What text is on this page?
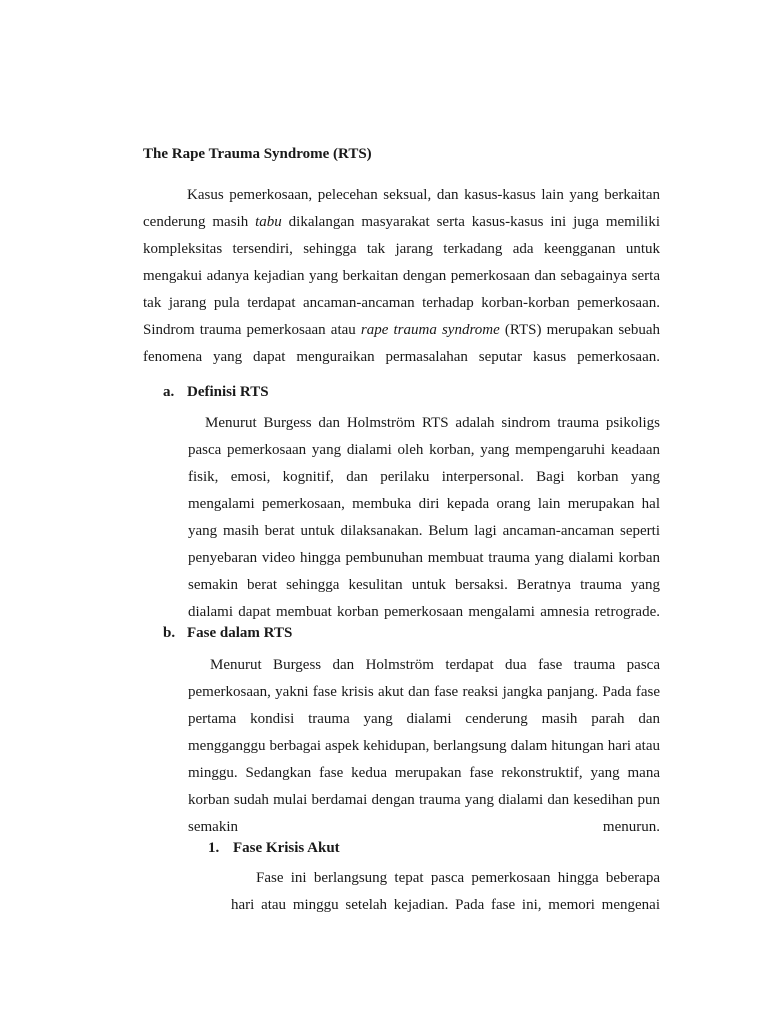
The Rape Trauma Syndrome (RTS)

Kasus pemerkosaan, pelecehan seksual, dan kasus-kasus lain yang berkaitan cenderung masih tabu dikalangan masyarakat serta kasus-kasus ini juga memiliki kompleksitas tersendiri, sehingga tak jarang terkadang ada keengganan untuk mengakui adanya kejadian yang berkaitan dengan pemerkosaan dan sebagainya serta tak jarang pula terdapat ancaman-ancaman terhadap korban-korban pemerkosaan. Sindrom trauma pemerkosaan atau rape trauma syndrome (RTS) merupakan sebuah fenomena yang dapat menguraikan permasalahan seputar kasus pemerkosaan.

a. Definisi RTS

Menurut Burgess dan Holmström RTS adalah sindrom trauma psikoligs pasca pemerkosaan yang dialami oleh korban, yang mempengaruhi keadaan fisik, emosi, kognitif, dan perilaku interpersonal. Bagi korban yang mengalami pemerkosaan, membuka diri kepada orang lain merupakan hal yang masih berat untuk dilaksanakan. Belum lagi ancaman-ancaman seperti penyebaran video hingga pembunuhan membuat trauma yang dialami korban semakin berat sehingga kesulitan untuk bersaksi. Beratnya trauma yang dialami dapat membuat korban pemerkosaan mengalami amnesia retrograde.

b. Fase dalam RTS

Menurut Burgess dan Holmström terdapat dua fase trauma pasca pemerkosaan, yakni fase krisis akut dan fase reaksi jangka panjang. Pada fase pertama kondisi trauma yang dialami cenderung masih parah dan mengganggu berbagai aspek kehidupan, berlangsung dalam hitungan hari atau minggu. Sedangkan fase kedua merupakan fase rekonstruktif, yang mana korban sudah mulai berdamai dengan trauma yang dialami dan kesedihan pun semakin menurun.

1. Fase Krisis Akut

Fase ini berlangsung tepat pasca pemerkosaan hingga beberapa hari atau minggu setelah kejadian. Pada fase ini, memori mengenai
